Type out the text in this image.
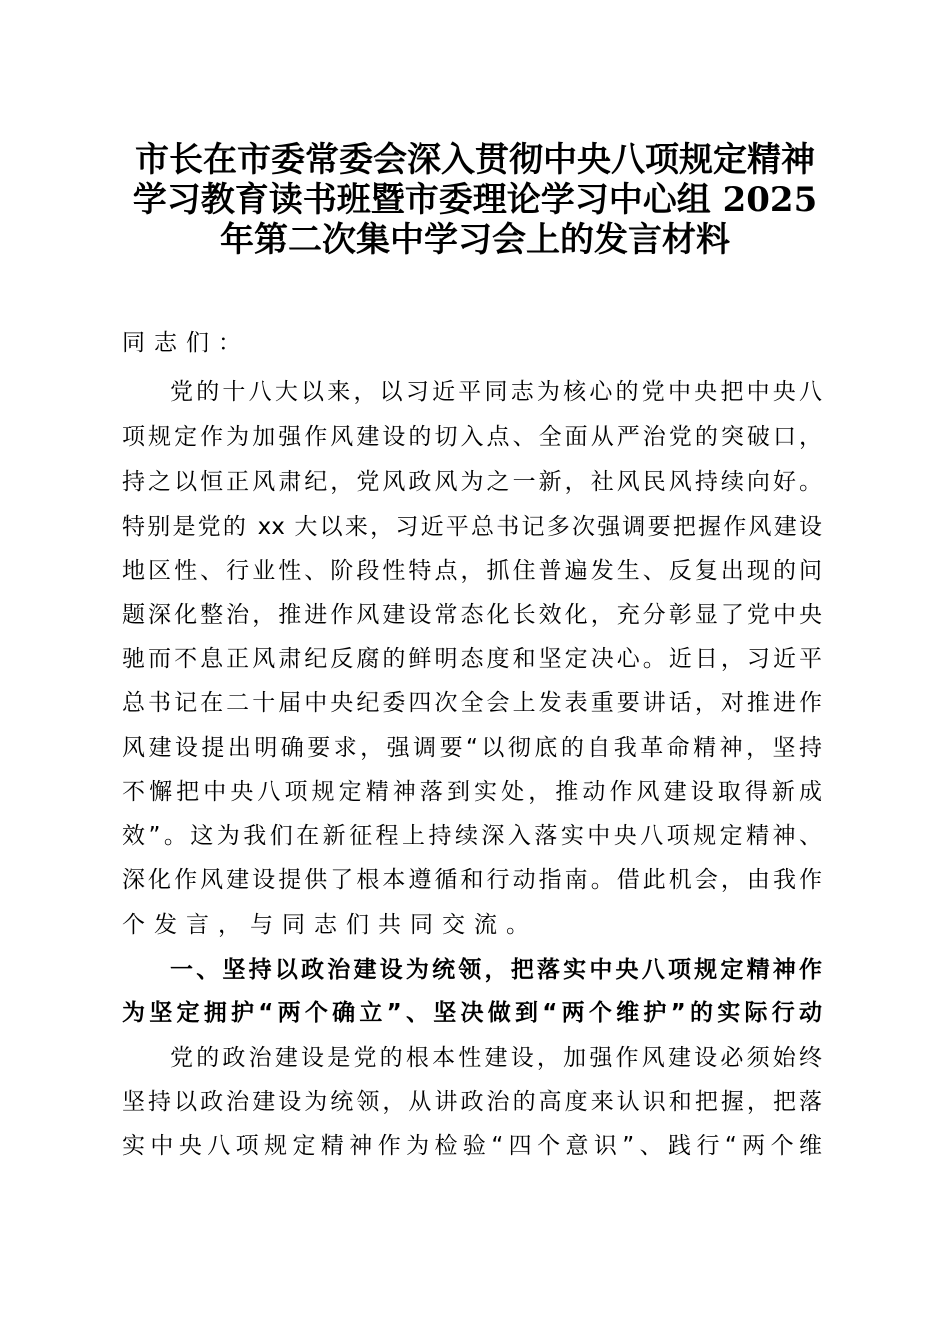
市长在市委常委会深入贯彻中央八项规定精神
学习教育读书班暨市委理论学习中心组 2025
年第二次集中学习会上的发言材料
同志们：
党的十八大以来，以习近平同志为核心的党中央把中央八
项规定作为加强作风建设的切入点、全面从严治党的突破口，
持之以恒正风肃纪，党风政风为之一新，社风民风持续向好。
特别是党的 xx 大以来，习近平总书记多次强调要把握作风建设
地区性、行业性、阶段性特点，抓住普遍发生、反复出现的问
题深化整治，推进作风建设常态化长效化，充分彰显了党中央
驰而不息正风肃纪反腐的鲜明态度和坚定决心。近日，习近平
总书记在二十届中央纪委四次全会上发表重要讲话，对推进作
风建设提出明确要求，强调要“以彻底的自我革命精神，坚持
不懈把中央八项规定精神落到实处，推动作风建设取得新成
效”。这为我们在新征程上持续深入落实中央八项规定精神、
深化作风建设提供了根本遵循和行动指南。借此机会，由我作
个发言，与同志们共同交流。
一、坚持以政治建设为统领，把落实中央八项规定精神作
为坚定拥护“两个确立”、坚决做到“两个维护”的实际行动
党的政治建设是党的根本性建设，加强作风建设必须始终
坚持以政治建设为统领，从讲政治的高度来认识和把握，把落
实中央八项规定精神作为检验“四个意识”、践行“两个维
